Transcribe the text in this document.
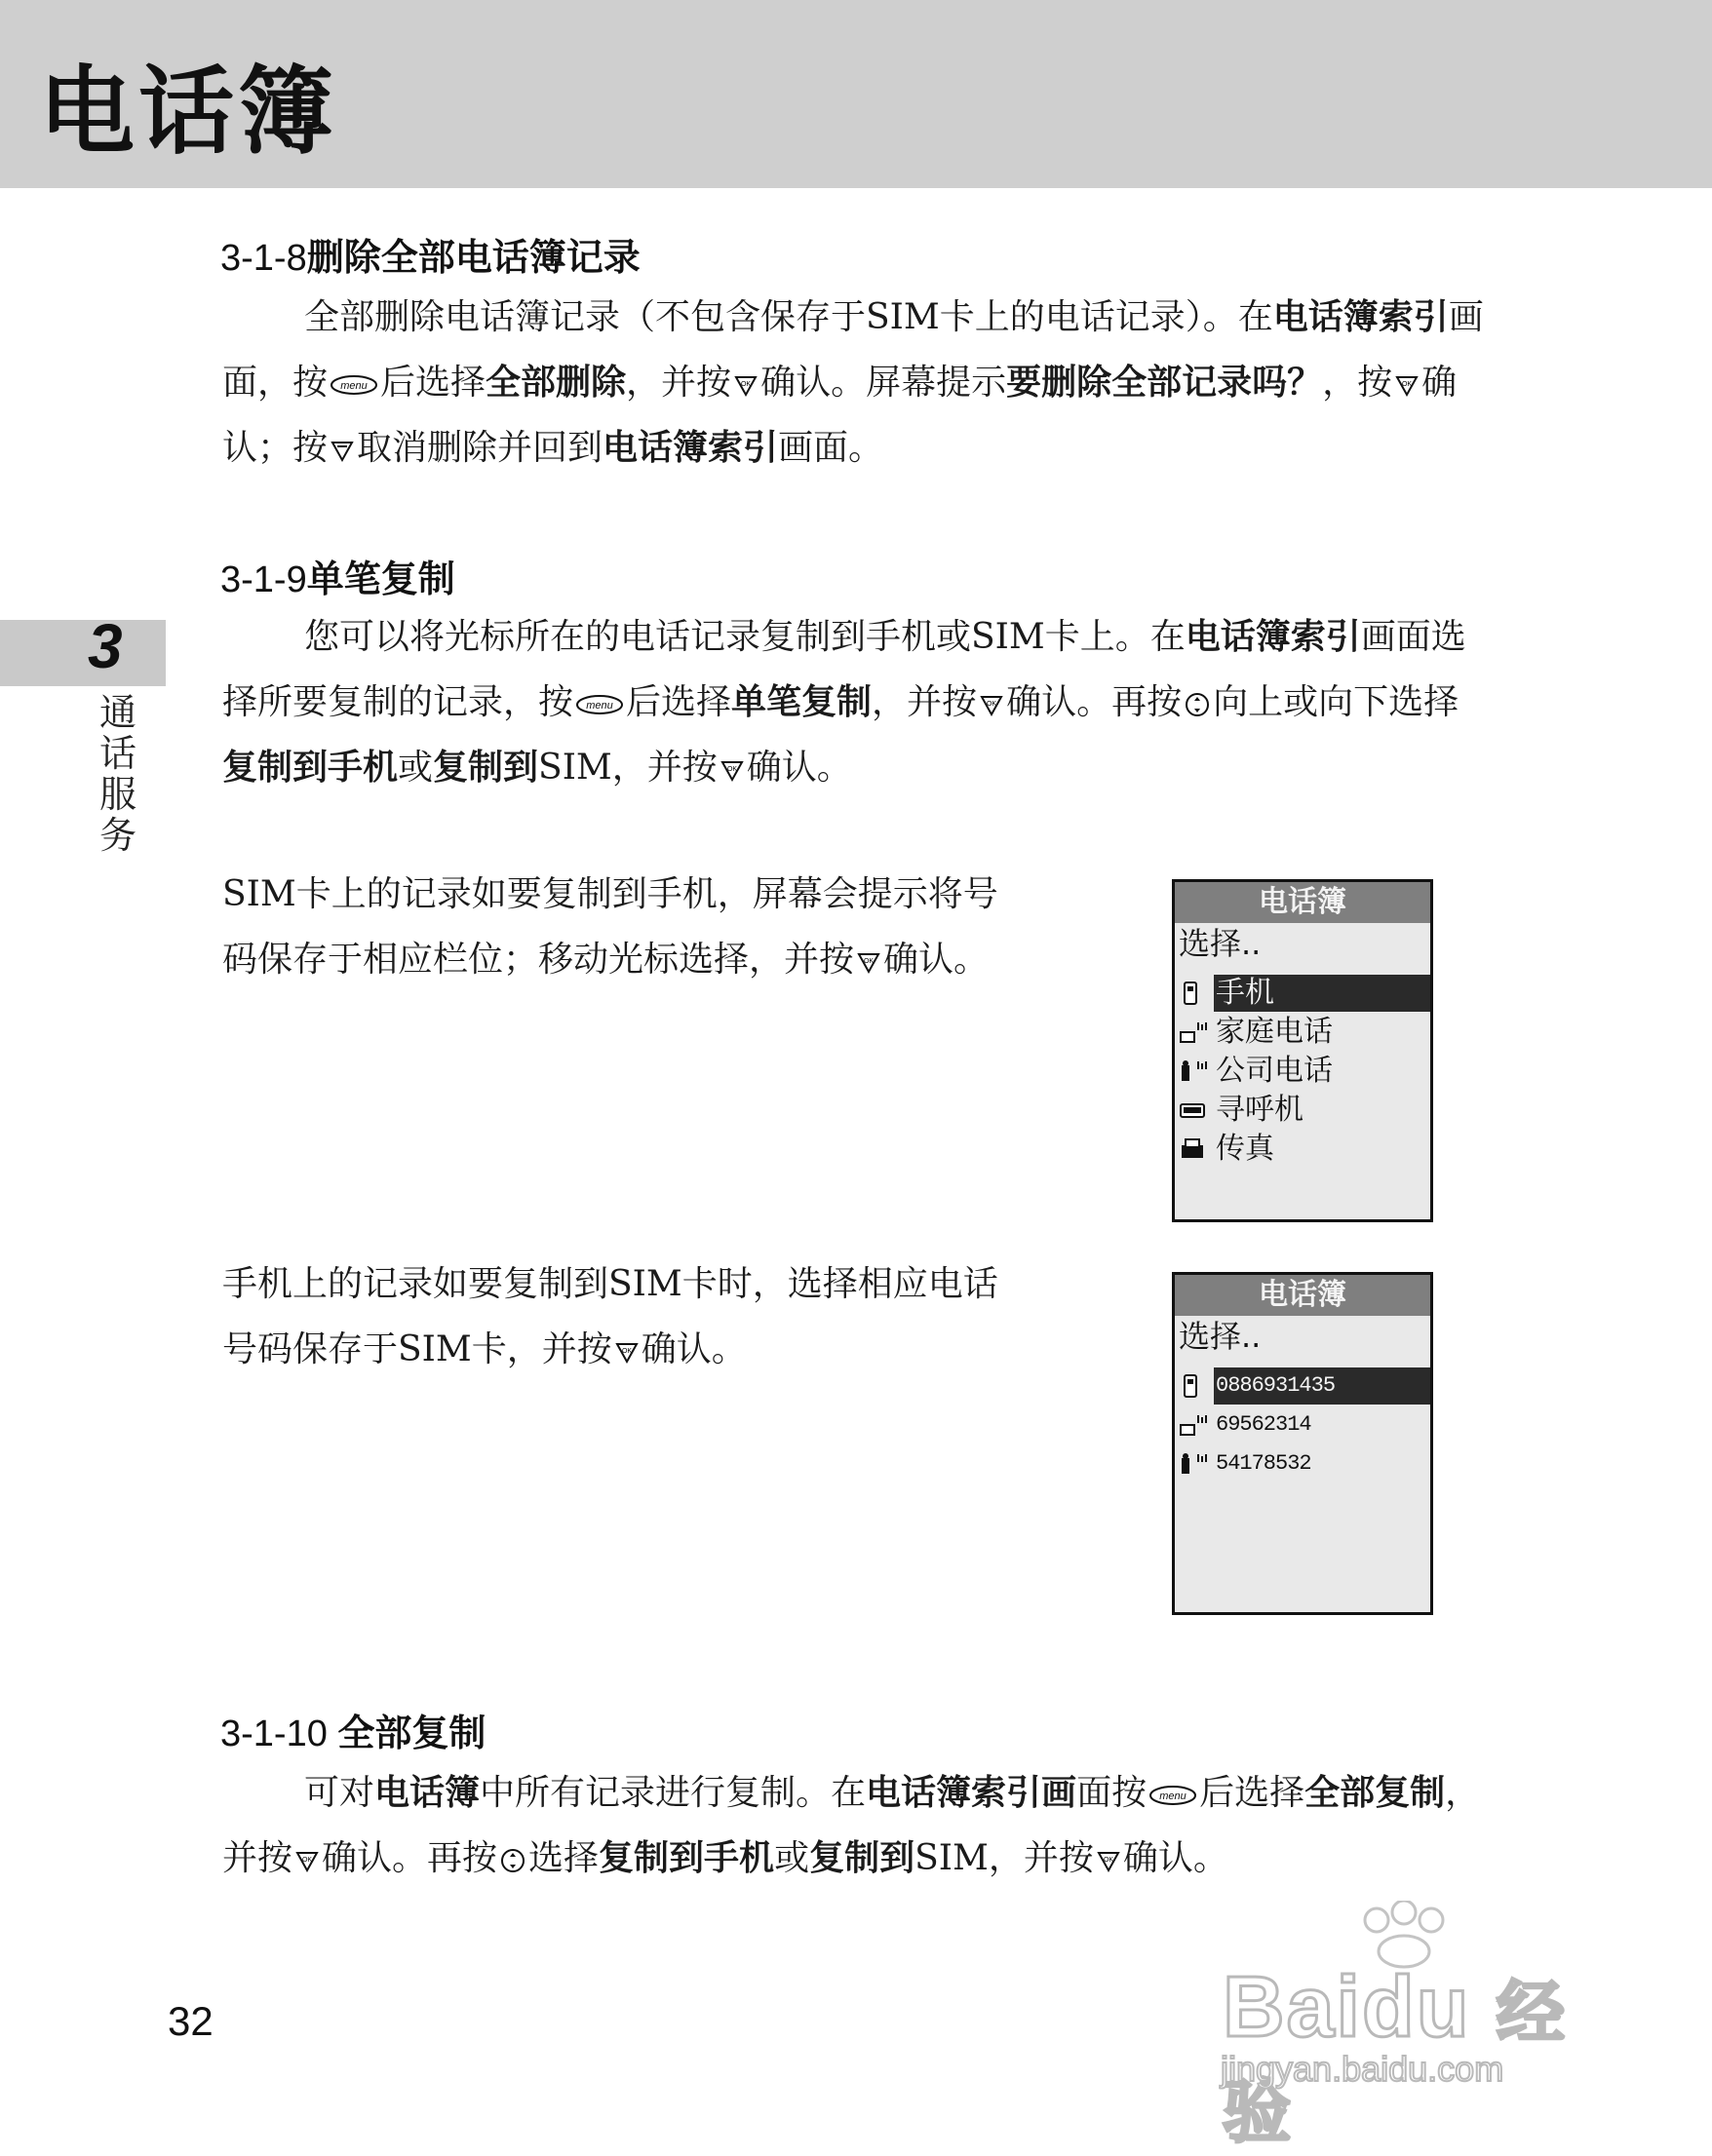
电话簿
3
通话服务
3-1-8删除全部电话簿记录
全部删除电话簿记录（不包含保存于SIM卡上的电话记录）。在电话簿索引画面，按 menu 后选择全部删除，并按 OK 确认。屏幕提示要删除全部记录吗？，按 OK 确认；按 取消删除并回到电话簿索引画面。
3-1-9单笔复制
您可以将光标所在的电话记录复制到手机或SIM卡上。在电话簿索引画面选择所要复制的记录，按 menu 后选择单笔复制，并按 OK 确认。再按 向上或向下选择复制到手机或复制到SIM，并按 OK 确认。
SIM卡上的记录如要复制到手机，屏幕会提示将号码保存于相应栏位；移动光标选择，并按 OK 确认。
电话簿
选择..
手机
家庭电话
公司电话
寻呼机
传真
手机上的记录如要复制到SIM卡时，选择相应电话号码保存于SIM卡，并按 OK 确认。
电话簿
选择..
0886931435
69562314
54178532
3-1-10 全部复制
可对电话簿中所有记录进行复制。在电话簿索引画面按 menu 后选择全部复制，并按 OK 确认。再按 选择复制到手机或复制到SIM，并按 OK 确认。
32	Baidu 经验
jingyan.baidu.com
